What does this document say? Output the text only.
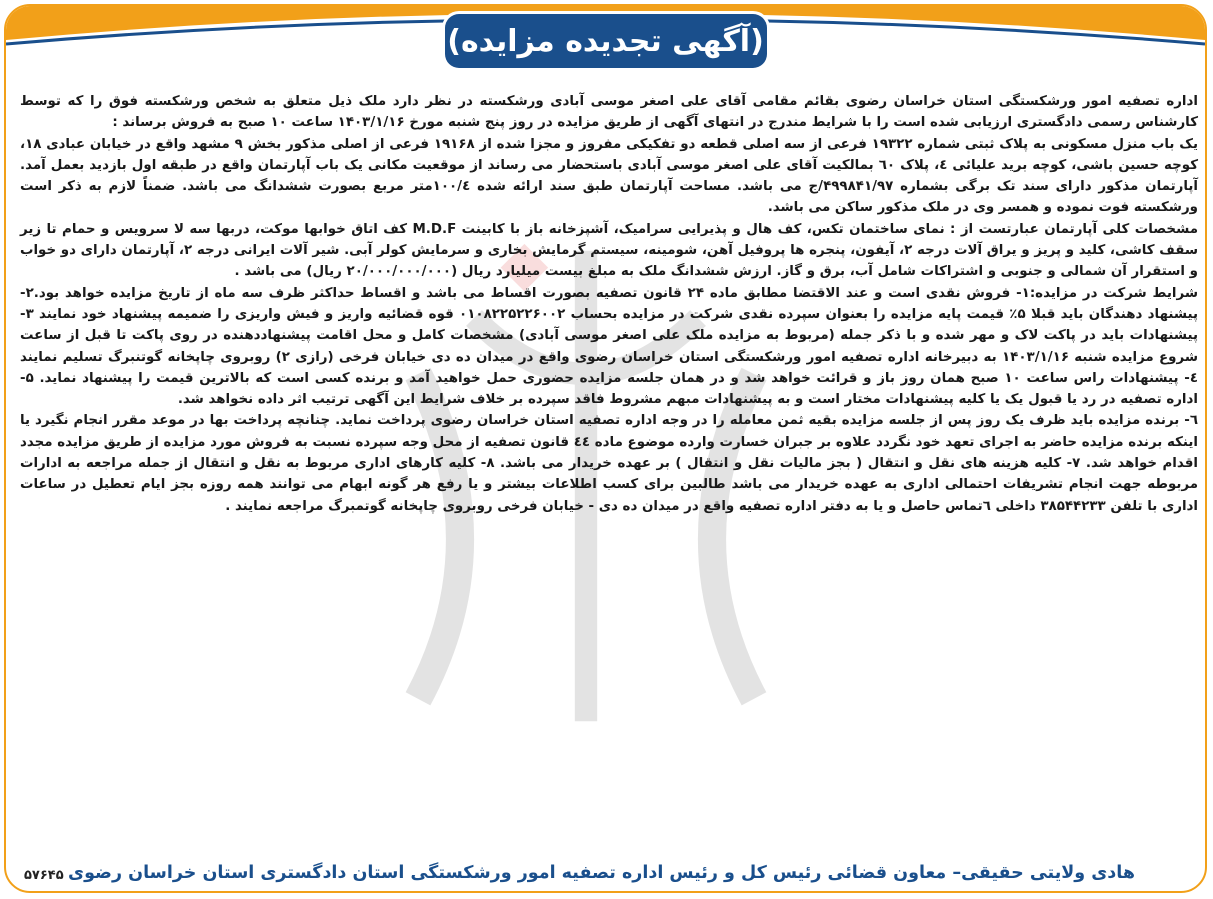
(آگهی تجدیده مزایده)

اداره تصفیه امور ورشکستگی استان خراسان رضوی بقائم مقامی آقای علی اصغر موسی آبادی ورشکسته در نظر دارد ملک ذیل متعلق به شخص ورشکسته فوق را که توسط کارشناس رسمی دادگستری ارزیابی شده است را با شرایط مندرج در انتهای آگهی از طریق مزایده در روز پنج شنبه مورخ ۱۴۰۳/۱/۱۶ ساعت ۱۰ صبح به فروش برساند :

یک باب منزل مسکونی به پلاک ثبتی شماره ۱۹۳۲۲ فرعی از سه اصلی قطعه دو تفکیکی مفروز و مجزا شده از ۱۹۱۶۸ فرعی از اصلی مذکور بخش ۹ مشهد واقع در خیابان عبادی ۱۸، کوچه حسین باشی، کوچه برید علیائی ٤، پلاک ٦٠ بمالکیت آقای علی اصغر موسی آبادی باستحضار می رساند از موقعیت مکانی یک باب آپارتمان واقع در طبقه اول بازدید بعمل آمد. آپارتمان مذکور دارای سند تک برگی بشماره ۴۹۹۸۴۱/۹۷/ج می باشد. مساحت آپارتمان طبق سند ارائه شده ۱۰۰/٤متر مربع بصورت ششدانگ می باشد. ضمناً لازم به ذکر است ورشکسته فوت نموده و همسر وی در ملک مذکور ساکن می باشد.

مشخصات کلی آپارتمان عبارتست از : نمای ساختمان تکس، کف هال و پذیرایی سرامیک، آشپزخانه باز با کابینت M.D.F کف اتاق خوابها موکت، دربها سه لا سرویس و حمام تا زیر سقف کاشی، کلید و پریز و یراق آلات درجه ۲، آیفون، پنجره ها پروفیل آهن، شومینه، سیستم گرمایش بخاری و سرمایش کولر آبی. شیر آلات ایرانی درجه ۲، آپارتمان دارای دو خواب و استقرار آن شمالی و جنوبی و اشتراکات شامل آب، برق و گاز. ارزش ششدانگ ملک به مبلغ بیست میلیارد ریال (۲۰/۰۰۰/۰۰۰/۰۰۰ ریال) می باشد .

شرایط شرکت در مزایده:۱- فروش نقدی است و عند الاقتضا مطابق ماده ۲۴ قانون تصفیه بصورت اقساط می باشد و اقساط حداکثر ظرف سه ماه از تاریخ مزایده خواهد بود.۲- پیشنهاد دهندگان باید قبلا ۵٪ قیمت پایه مزایده را بعنوان سپرده نقدی شرکت در مزایده بحساب ۰۱۰۸۲۲۵۲۲۶۰۰۲ قوه قضائیه واریز و فیش واریزی را ضمیمه پیشنهاد خود نمایند ۳- پیشنهادات باید در پاکت لاک و مهر شده و با ذکر جمله (مربوط به مزایده ملک علی اصغر موسی آبادی) مشخصات کامل و محل اقامت پیشنهاددهنده در روی پاکت تا قبل از ساعت شروع مزایده شنبه ۱۴۰۳/۱/۱۶ به دبیرخانه اداره تصفیه امور ورشکستگی استان خراسان رضوی واقع در میدان ده دی خیابان فرخی (رازی ۲) روبروی چاپخانه گوتنبرگ تسلیم نمایند ٤- پیشنهادات راس ساعت ۱۰ صبح همان روز باز و قرائت خواهد شد و در همان جلسه مزایده حضوری حمل خواهید آمد و برنده کسی است که بالاترین قیمت را پیشنهاد نماید. ۵- اداره تصفیه در رد یا قبول یک یا کلیه پیشنهادات مختار است و به پیشنهادات مبهم مشروط فاقد سپرده بر خلاف شرایط این آگهی ترتیب اثر داده نخواهد شد.

٦- برنده مزایده باید ظرف یک روز پس از جلسه مزایده بقیه ثمن معامله را در وجه اداره تصفیه استان خراسان رضوی پرداخت نماید. چنانچه پرداخت بها در موعد مقرر انجام نگیرد یا اینکه برنده مزایده حاضر به اجرای تعهد خود نگردد علاوه بر جبران خسارت وارده موضوع ماده ٤٤ قانون تصفیه از محل وجه سپرده نسبت به فروش مورد مزایده از طریق مزایده مجدد اقدام خواهد شد. ۷- کلیه هزینه های نقل و انتقال ( بجز مالیات نقل و انتقال ) بر عهده خریدار می باشد. ۸- کلیه کارهای اداری مربوط به نقل و انتقال از جمله مراجعه به ادارات مربوطه جهت انجام تشریفات احتمالی اداری به عهده خریدار می باشد طالبین برای کسب اطلاعات بیشتر و یا رفع هر گونه ابهام می توانند همه روزه بجز ایام تعطیل در ساعات اداری با تلفن ۳۸۵۴۴۲۳۳ داخلی ٦تماس حاصل و یا به دفتر اداره تصفیه واقع در میدان ده دی - خیابان فرخی روبروی چاپخانه گوتمبرگ مراجعه نمایند .

هادی ولایتی حقیقی– معاون قضائی رئیس کل و رئیس اداره تصفیه امور ورشکستگی استان دادگستری استان خراسان رضوی
۵۷۶۴۵
